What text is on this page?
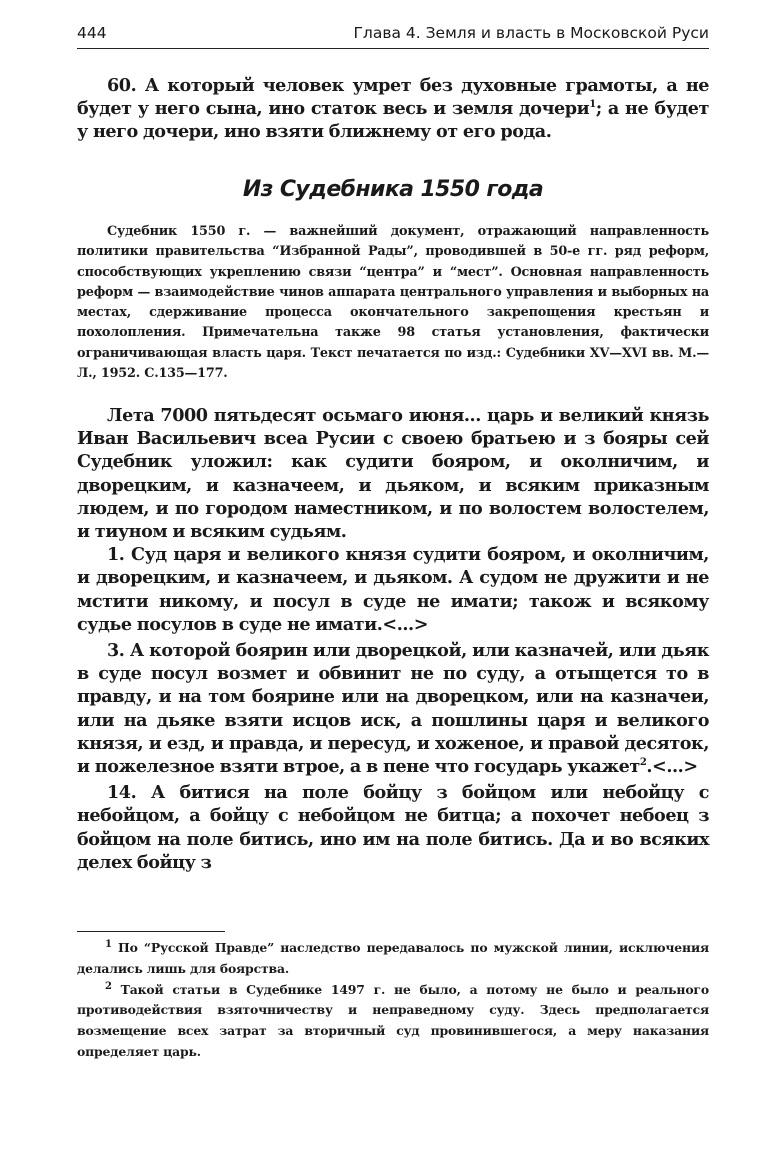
444	Глава 4. Земля и власть в Московской Руси

60. А который человек умрет без духовные грамоты, а не будет у него сына, ино статок весь и земля дочери$^1$; а не будет у него дочери, ино взяти ближнему от его рода.

Из Судебника 1550 года

Судебник 1550 г. — важнейший документ, отражающий направленность политики правительства “Избранной Рады”, проводившей в 50-е гг. ряд реформ, способствующих укреплению связи “центра” и “мест”. Основная направленность реформ — взаимодействие чинов аппарата центрального управления и выборных на местах, сдерживание процесса окончательного закрепощения крестьян и похолопления. Примечательна также 98 статья установления, фактически ограничивающая власть царя. Текст печатается по изд.: Судебники XV—XVI вв. М.—Л., 1952. С.135—177.

Лета 7000 пятьдесят осьмаго июня... царь и великий князь Иван Васильевич всеа Русии с своею братьею и з бояры сей Судебник уложил: как судити бояром, и околничим, и дворецким, и казначеем, и дьяком, и всяким приказным людем, и по городом наместником, и по волостем волостелем, и тиуном и всяким судьям.

1. Суд царя и великого князя судити бояром, и околничим, и дворецким, и казначеем, и дьяком. А судом не дружити и не мстити никому, и посул в суде не имати; також и всякому судье посулов в суде не имати.<...>

3. А которой боярин или дворецкой, или казначей, или дьяк в суде посул возмет и обвинит не по суду, а отыщется то в правду, и на том боярине или на дворецком, или на казначеи, или на дьяке взяти исцов иск, а пошлины царя и великого князя, и езд, и правда, и пересуд, и хоженое, и правой десяток, и пожелезное взяти втрое, а в пене что государь укажет$^2$.<...>

14. А битися на поле бойцу з бойцом или небойцу с небойцом, а бойцу с небойцом не битца; а похочет небоец з бойцом на поле битись, ино им на поле битись. Да и во всяких делех бойцу з

$^1$ По “Русской Правде” наследство передавалось по мужской линии, исключения делались лишь для боярства.

$^2$ Такой статьи в Судебнике 1497 г. не было, а потому не было и реального противодействия взяточничеству и неправедному суду. Здесь предполагается возмещение всех затрат за вторичный суд провинившегося, а меру наказания определяет царь.
